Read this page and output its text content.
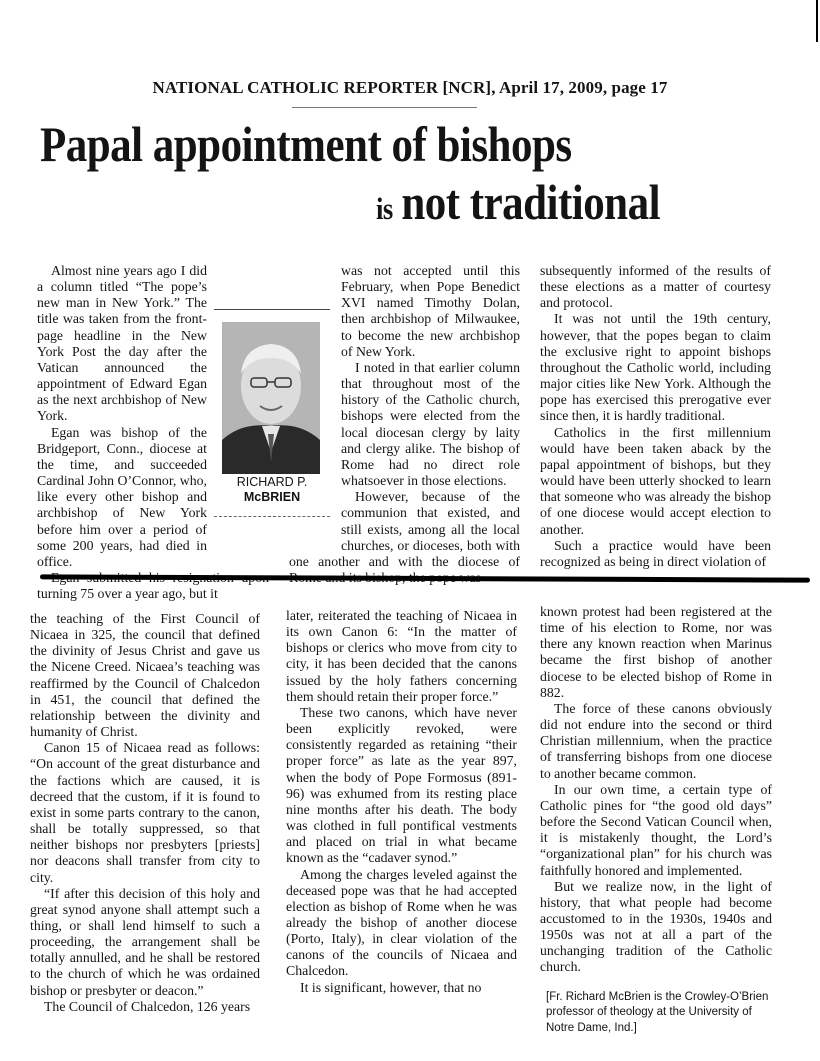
NATIONAL CATHOLIC REPORTER [NCR], April 17, 2009, page 17
Papal appointment of bishops
is not traditional

Almost nine years ago I did a column titled “The pope’s new man in New York.” The title was taken from the front-page headline in the New York Post the day after the Vatican announced the appointment of Edward Egan as the next archbishop of New York.

Egan was bishop of the Bridgeport, Conn., diocese at the time, and succeeded Cardinal John O’Connor, who, like every other bishop and archbishop of New York before him over a period of some 200 years, had died in office.

turning 75 over a year ago, but it

was not accepted until this February, when Pope Benedict XVI named Timothy Dolan, then archbishop of Milwaukee, to become the new archbishop of New York.

I noted in that earlier column that throughout most of the history of the Catholic church, bishops were elected from the local diocesan clergy by laity and clergy alike. The bishop of Rome had no direct role whatsoever in those elections.

However, because of the communion that existed, and still exists, among all the local churches, or dioceses, both with one another and with the diocese of

subsequently informed of the results of these elections as a matter of courtesy and protocol.

It was not until the 19th century, however, that the popes began to claim the exclusive right to appoint bishops throughout the Catholic world, including major cities like New York. Although the pope has exercised this prerogative ever since then, it is hardly traditional.

Catholics in the first millennium would have been taken aback by the papal appointment of bishops, but they would have been utterly shocked to learn that someone who was already the bishop of one diocese would accept election to another.

Such a practice would have been recognized as being in direct violation of

RICHARD P.
McBRIEN

the teaching of the First Council of Nicaea in 325, the council that defined the divinity of Jesus Christ and gave us the Nicene Creed. Nicaea’s teaching was reaffirmed by the Council of Chalcedon in 451, the council that defined the relationship between the divinity and humanity of Christ.

Canon 15 of Nicaea read as follows: “On account of the great disturbance and the factions which are caused, it is decreed that the custom, if it is found to exist in some parts contrary to the canon, shall be totally suppressed, so that neither bishops nor presbyters [priests] nor deacons shall transfer from city to city.

“If after this decision of this holy and great synod anyone shall attempt such a thing, or shall lend himself to such a proceeding, the arrangement shall be totally annulled, and he shall be restored to the church of which he was ordained bishop or presbyter or deacon.”

The Council of Chalcedon, 126 years

later, reiterated the teaching of Nicaea in its own Canon 6: “In the matter of bishops or clerics who move from city to city, it has been decided that the canons issued by the holy fathers concerning them should retain their proper force.”

These two canons, which have never been explicitly revoked, were consistently regarded as retaining “their proper force” as late as the year 897, when the body of Pope Formosus (891-96) was exhumed from its resting place nine months after his death. The body was clothed in full pontifical vestments and placed on trial in what became known as the “cadaver synod.”

Among the charges leveled against the deceased pope was that he had accepted election as bishop of Rome when he was already the bishop of another diocese (Porto, Italy), in clear violation of the canons of the councils of Nicaea and Chalcedon.

It is significant, however, that no

known protest had been registered at the time of his election to Rome, nor was there any known reaction when Marinus became the first bishop of another diocese to be elected bishop of Rome in 882.

The force of these canons obviously did not endure into the second or third Christian millennium, when the practice of transferring bishops from one diocese to another became common.

In our own time, a certain type of Catholic pines for “the good old days” before the Second Vatican Council when, it is mistakenly thought, the Lord’s “organizational plan” for his church was faithfully honored and implemented.

But we realize now, in the light of history, that what people had become accustomed to in the 1930s, 1940s and 1950s was not at all a part of the unchanging tradition of the Catholic church.

[Fr. Richard McBrien is the Crowley-O’Brien professor of theology at the University of Notre Dame, Ind.]
